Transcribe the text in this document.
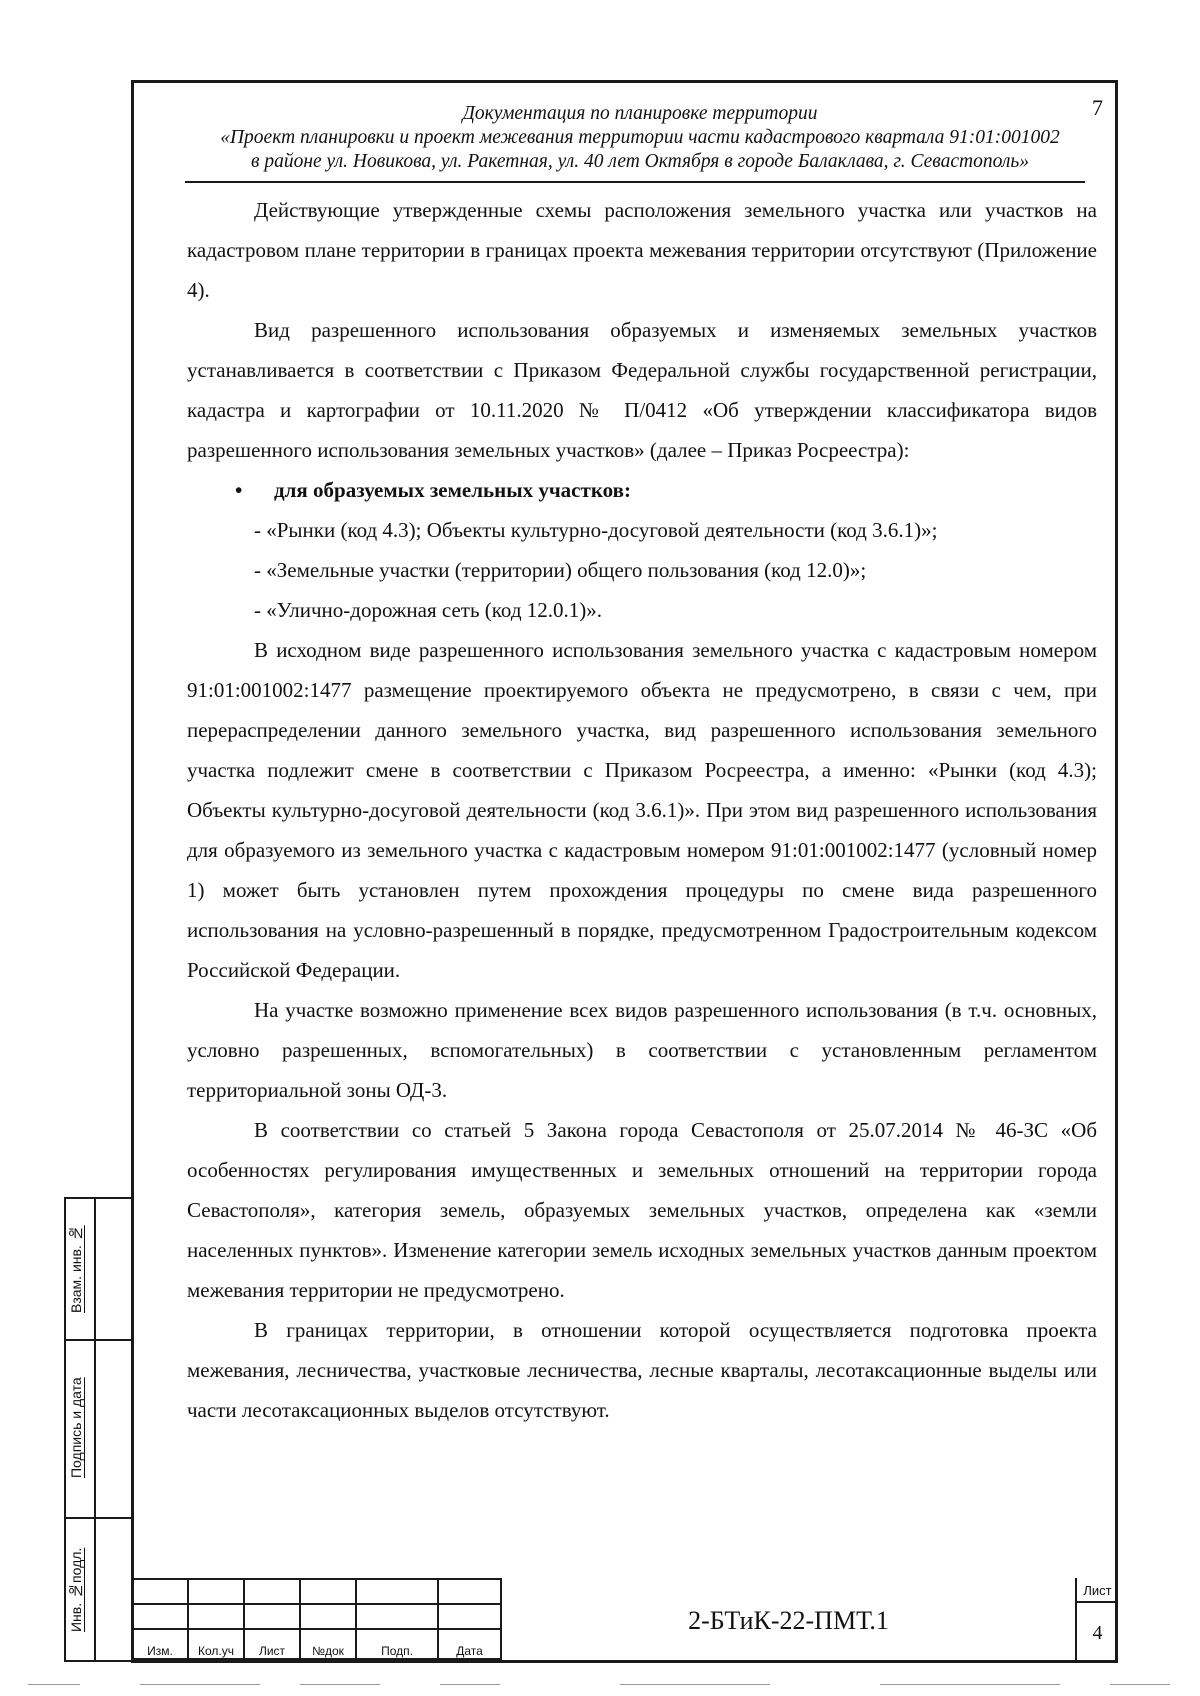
Документация по планировке территории
«Проект планировки и проект межевания территории части кадастрового квартала 91:01:001002
в районе ул. Новикова, ул. Ракетная, ул. 40 лет Октября в городе Балаклава, г. Севастополь»
7

Действующие утвержденные схемы расположения земельного участка или участков на кадастровом плане территории в границах проекта межевания территории отсутствуют (Приложение 4).

Вид разрешенного использования образуемых и изменяемых земельных участков устанавливается в соответствии с Приказом Федеральной службы государственной регистрации, кадастра и картографии от 10.11.2020 № П/0412 «Об утверждении классификатора видов разрешенного использования земельных участков» (далее – Приказ Росреестра):

• для образуемых земельных участков:

- «Рынки (код 4.3); Объекты культурно-досуговой деятельности (код 3.6.1)»;

- «Земельные участки (территории) общего пользования (код 12.0)»;

- «Улично-дорожная сеть (код 12.0.1)».

В исходном виде разрешенного использования земельного участка с кадастровым номером 91:01:001002:1477 размещение проектируемого объекта не предусмотрено, в связи с чем, при перераспределении данного земельного участка, вид разрешенного использования земельного участка подлежит смене в соответствии с Приказом Росреестра, а именно: «Рынки (код 4.3); Объекты культурно-досуговой деятельности (код 3.6.1)». При этом вид разрешенного использования для образуемого из земельного участка с кадастровым номером 91:01:001002:1477 (условный номер 1) может быть установлен путем прохождения процедуры по смене вида разрешенного использования на условно-разрешенный в порядке, предусмотренном Градостроительным кодексом Российской Федерации.

На участке возможно применение всех видов разрешенного использования (в т.ч. основных, условно разрешенных, вспомогательных) в соответствии с установленным регламентом территориальной зоны ОД-3.

В соответствии со статьей 5 Закона города Севастополя от 25.07.2014 № 46-ЗС «Об особенностях регулирования имущественных и земельных отношений на территории города Севастополя», категория земель, образуемых земельных участков, определена как «земли населенных пунктов». Изменение категории земель исходных земельных участков данным проектом межевания территории не предусмотрено.

В границах территории, в отношении которой осуществляется подготовка проекта межевания, лесничества, участковые лесничества, лесные кварталы, лесотаксационные выделы или части лесотаксационных выделов отсутствуют.

Взам. инв. №
Подпись и дата
Инв. №подл.

Изм.	Кол.уч	Лист	№док	Подп.	Дата
2-БТиК-22-ПМТ.1
Лист
4
